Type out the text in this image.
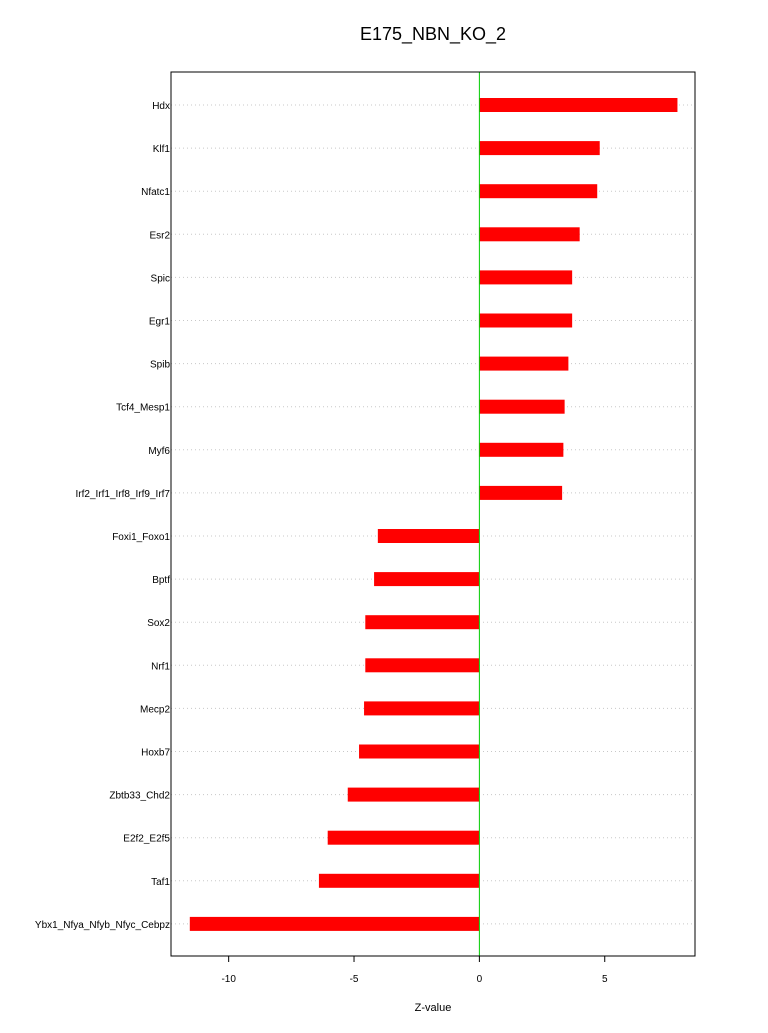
E175_NBN_KO_2
Z-value
Hdx
Klf1
Nfatc1
Esr2
Spic
Egr1
Spib
Tcf4_Mesp1
Myf6
Irf2_Irf1_Irf8_Irf9_Irf7
Foxi1_Foxo1
Bptf
Sox2
Nrf1
Mecp2
Hoxb7
Zbtb33_Chd2
E2f2_E2f5
Taf1
Ybx1_Nfya_Nfyb_Nfyc_Cebpz
-10	-5	0	5
